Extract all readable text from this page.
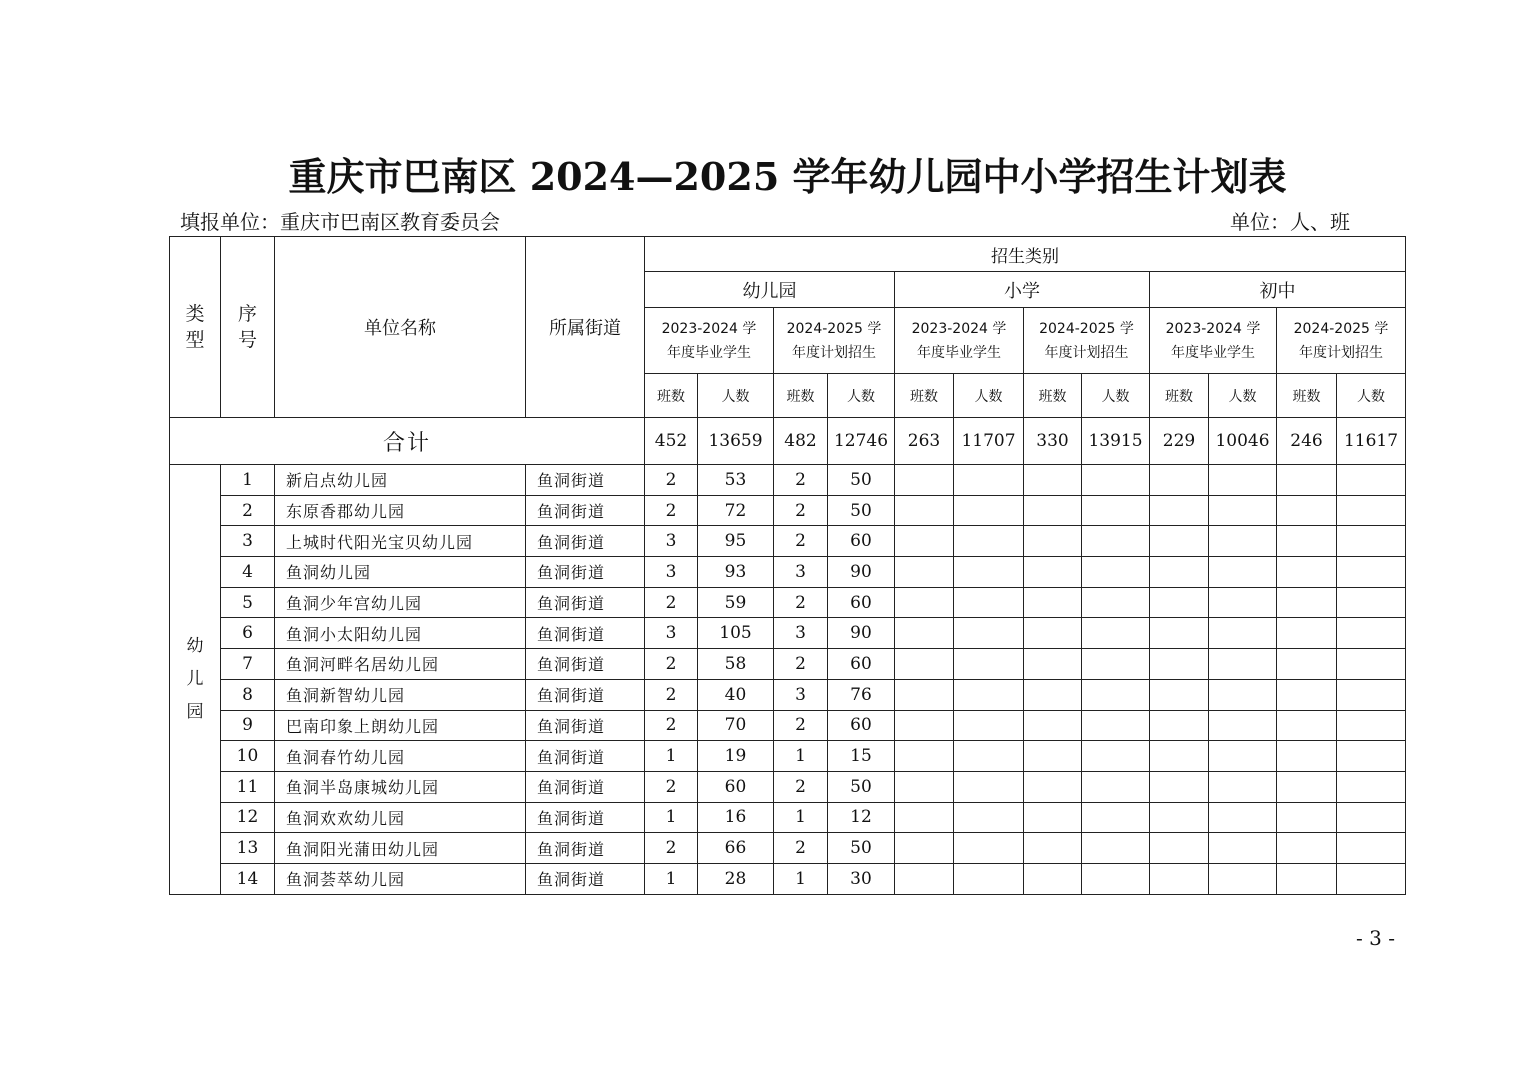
重庆市巴南区 2024—2025 学年幼儿园中小学招生计划表
填报单位：重庆市巴南区教育委员会	单位：人、班
类
型	序
号	单位名称	所属街道	招生类别											
				幼儿园				小学				初中			

				2023-2024 学
年度毕业学生		2024-2025 学
年度计划招生		2023-2024 学
年度毕业学生		2024-2025 学
年度计划招生		2023-2024 学
年度毕业学生		2024-2025 学
年度计划招生	

				班数	人数	班数	人数	班数	人数	班数	人数	班数	人数	班数	人数
合计				452	13659	482	12746	263	11707	330	13915	229	10046	246	11617

幼
儿
园	1	新启点幼儿园	鱼洞街道	2	53	2	50								
	2	东原香郡幼儿园	鱼洞街道	2	72	2	50								
	3	上城时代阳光宝贝幼儿园	鱼洞街道	3	95	2	60								
	4	鱼洞幼儿园	鱼洞街道	3	93	3	90								
	5	鱼洞少年宫幼儿园	鱼洞街道	2	59	2	60								
	6	鱼洞小太阳幼儿园	鱼洞街道	3	105	3	90								
	7	鱼洞河畔名居幼儿园	鱼洞街道	2	58	2	60								
	8	鱼洞新智幼儿园	鱼洞街道	2	40	3	76								
	9	巴南印象上朗幼儿园	鱼洞街道	2	70	2	60								
	10	鱼洞春竹幼儿园	鱼洞街道	1	19	1	15								
	11	鱼洞半岛康城幼儿园	鱼洞街道	2	60	2	50								
	12	鱼洞欢欢幼儿园	鱼洞街道	1	16	1	12								
	13	鱼洞阳光蒲田幼儿园	鱼洞街道	2	66	2	50								
	14	鱼洞荟萃幼儿园	鱼洞街道	1	28	1	30								
- 3 -
